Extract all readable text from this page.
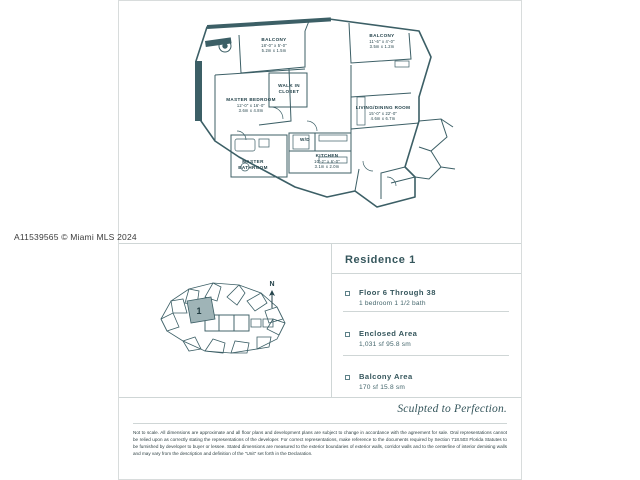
BALCONY
18'-0" x 5'-0"
5.2m x 1.5m
BALCONY
11'-6" x 4'-0"
3.5m x 1.2m
MASTER BEDROOM
12'-0" x 16'-0"
3.6m x 4.8m
WALK IN CLOSET
LIVING/DINING ROOM
15'-0" x 22'-0"
4.6m x 6.7m
MASTER BATHROOM
KITCHEN
10'-2" x 6'-0"
3.1m x 2.0m
W/D
1
N
Residence 1
Floor 6 Through 38
1 bedroom 1 1/2 bath
Enclosed Area
1,031 sf 95.8 sm
Balcony Area
170 sf 15.8 sm
Sculpted to Perfection.
Not to scale. All dimensions are approximate and all floor plans and development plans are subject to change in accordance with the agreement for sale. Oral representations cannot be relied upon as correctly stating the representations of the developer. For correct representations, make reference to the documents required by Section 718.503 Florida Statutes to be furnished by developer to buyer or lessee. Stated dimensions are measured to the exterior boundaries of exterior walls, corridor walls and to the centerline of interior demising walls and may vary from the description and definition of the "Unit" set forth in the Declaration.
A11539565 © Miami MLS 2024
